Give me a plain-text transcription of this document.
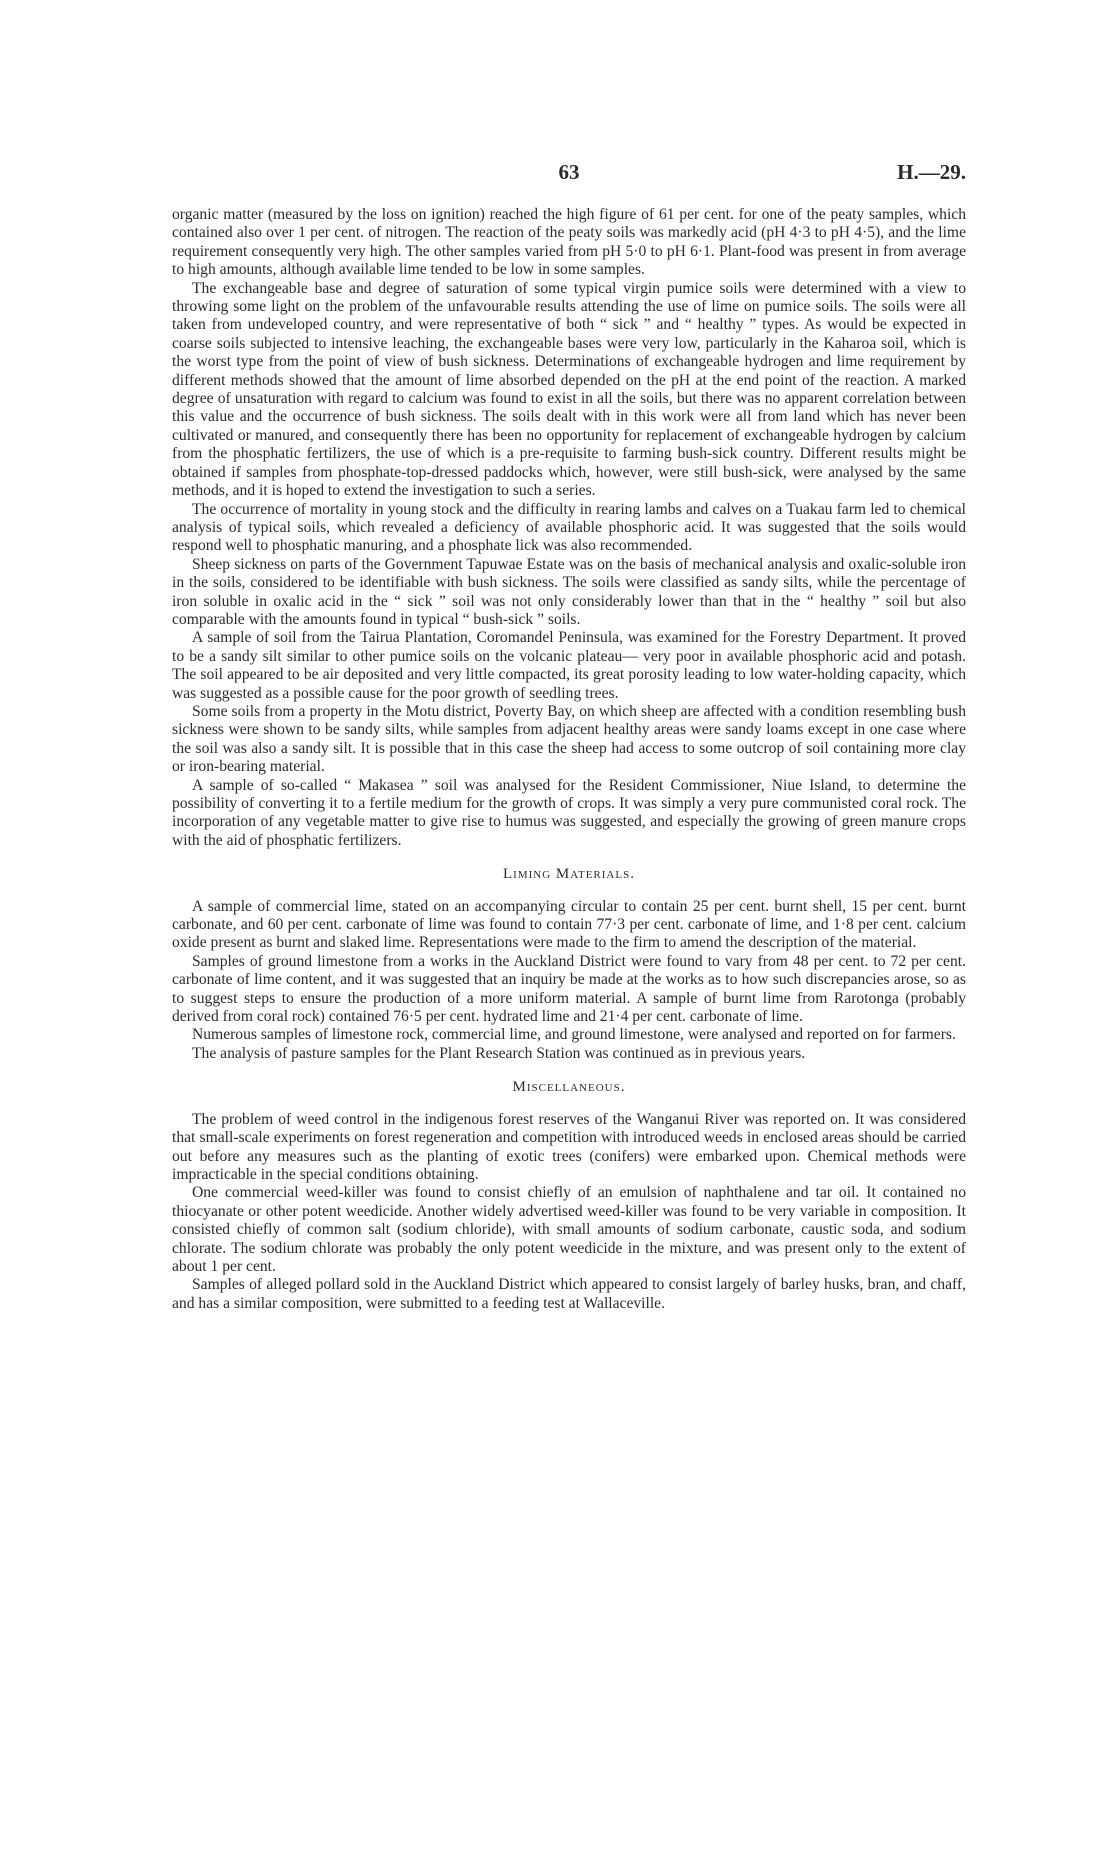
63	H.—29.

organic matter (measured by the loss on ignition) reached the high figure of 61 per cent. for one of the peaty samples, which contained also over 1 per cent. of nitrogen. The reaction of the peaty soils was markedly acid (pH 4·3 to pH 4·5), and the lime requirement consequently very high. The other samples varied from pH 5·0 to pH 6·1. Plant-food was present in from average to high amounts, although available lime tended to be low in some samples.

The exchangeable base and degree of saturation of some typical virgin pumice soils were determined with a view to throwing some light on the problem of the unfavourable results attending the use of lime on pumice soils. The soils were all taken from undeveloped country, and were representative of both “ sick ” and “ healthy ” types. As would be expected in coarse soils subjected to intensive leaching, the exchangeable bases were very low, particularly in the Kaharoa soil, which is the worst type from the point of view of bush sickness. Determinations of exchangeable hydrogen and lime requirement by different methods showed that the amount of lime absorbed depended on the pH at the end point of the reaction. A marked degree of unsaturation with regard to calcium was found to exist in all the soils, but there was no apparent correlation between this value and the occurrence of bush sickness. The soils dealt with in this work were all from land which has never been cultivated or manured, and consequently there has been no opportunity for replacement of exchangeable hydrogen by calcium from the phosphatic fertilizers, the use of which is a pre-requisite to farming bush-sick country. Different results might be obtained if samples from phosphate-top-dressed paddocks which, however, were still bush-sick, were analysed by the same methods, and it is hoped to extend the investigation to such a series.

The occurrence of mortality in young stock and the difficulty in rearing lambs and calves on a Tuakau farm led to chemical analysis of typical soils, which revealed a deficiency of available phosphoric acid. It was suggested that the soils would respond well to phosphatic manuring, and a phosphate lick was also recommended.

Sheep sickness on parts of the Government Tapuwae Estate was on the basis of mechanical analysis and oxalic-soluble iron in the soils, considered to be identifiable with bush sickness. The soils were classified as sandy silts, while the percentage of iron soluble in oxalic acid in the “ sick ” soil was not only considerably lower than that in the “ healthy ” soil but also comparable with the amounts found in typical “ bush-sick ” soils.

A sample of soil from the Tairua Plantation, Coromandel Peninsula, was examined for the Forestry Department. It proved to be a sandy silt similar to other pumice soils on the volcanic plateau— very poor in available phosphoric acid and potash. The soil appeared to be air deposited and very little compacted, its great porosity leading to low water-holding capacity, which was suggested as a possible cause for the poor growth of seedling trees.

Some soils from a property in the Motu district, Poverty Bay, on which sheep are affected with a condition resembling bush sickness were shown to be sandy silts, while samples from adjacent healthy areas were sandy loams except in one case where the soil was also a sandy silt. It is possible that in this case the sheep had access to some outcrop of soil containing more clay or iron-bearing material.

A sample of so-called “ Makasea ” soil was analysed for the Resident Commissioner, Niue Island, to determine the possibility of converting it to a fertile medium for the growth of crops. It was simply a very pure communisted coral rock. The incorporation of any vegetable matter to give rise to humus was suggested, and especially the growing of green manure crops with the aid of phosphatic fertilizers.

Liming Materials.

A sample of commercial lime, stated on an accompanying circular to contain 25 per cent. burnt shell, 15 per cent. burnt carbonate, and 60 per cent. carbonate of lime was found to contain 77·3 per cent. carbonate of lime, and 1·8 per cent. calcium oxide present as burnt and slaked lime. Representations were made to the firm to amend the description of the material.

Samples of ground limestone from a works in the Auckland District were found to vary from 48 per cent. to 72 per cent. carbonate of lime content, and it was suggested that an inquiry be made at the works as to how such discrepancies arose, so as to suggest steps to ensure the production of a more uniform material. A sample of burnt lime from Rarotonga (probably derived from coral rock) contained 76·5 per cent. hydrated lime and 21·4 per cent. carbonate of lime.

Numerous samples of limestone rock, commercial lime, and ground limestone, were analysed and reported on for farmers.

The analysis of pasture samples for the Plant Research Station was continued as in previous years.

Miscellaneous.

The problem of weed control in the indigenous forest reserves of the Wanganui River was reported on. It was considered that small-scale experiments on forest regeneration and competition with introduced weeds in enclosed areas should be carried out before any measures such as the planting of exotic trees (conifers) were embarked upon. Chemical methods were impracticable in the special conditions obtaining.

One commercial weed-killer was found to consist chiefly of an emulsion of naphthalene and tar oil. It contained no thiocyanate or other potent weedicide. Another widely advertised weed-killer was found to be very variable in composition. It consisted chiefly of common salt (sodium chloride), with small amounts of sodium carbonate, caustic soda, and sodium chlorate. The sodium chlorate was probably the only potent weedicide in the mixture, and was present only to the extent of about 1 per cent.

Samples of alleged pollard sold in the Auckland District which appeared to consist largely of barley husks, bran, and chaff, and has a similar composition, were submitted to a feeding test at Wallaceville.
